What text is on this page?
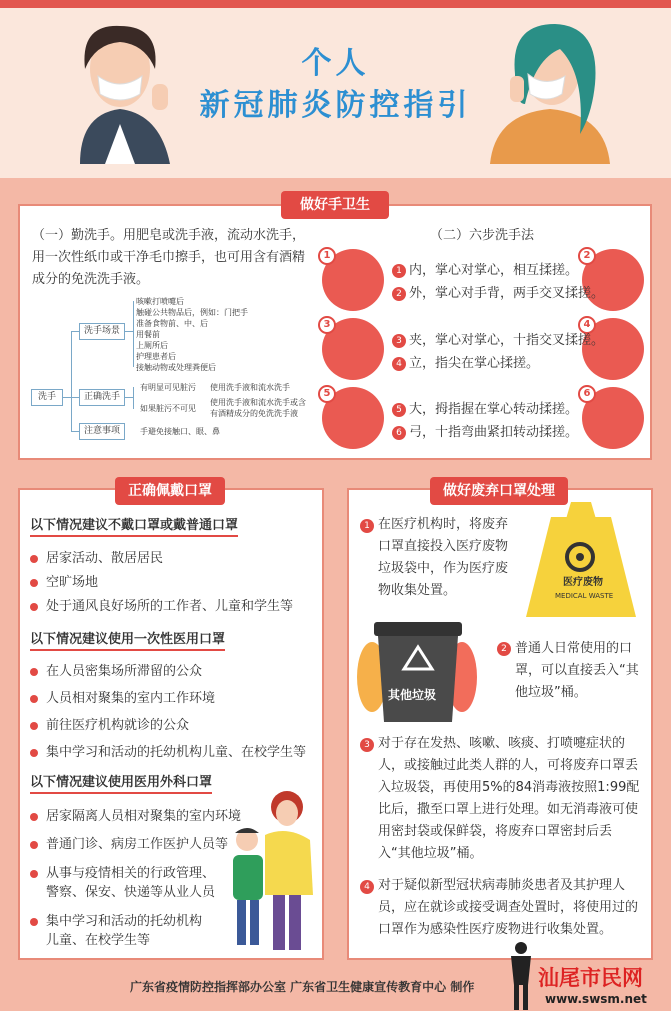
个人
新冠肺炎防控指引
做好手卫生
（一）勤洗手。用肥皂或洗手液，流动水洗手，用一次性纸巾或干净毛巾擦手，也可用含有酒精成分的免洗洗手液。
洗手
洗手场景
咳嗽打喷嚏后
触碰公共物品后，例如：门把手
准备食物前、中、后
用餐前
上厕所后
护理患者后
接触动物或处理粪便后
正确洗手
有明显可见脏污 使用洗手液和流水洗手
如果脏污不可见
使用洗手液和流水洗手或含有酒精成分的免洗洗手液
注意事项	手避免接触口、眼、鼻
（二）六步洗手法
1	2
3	4
5	6
1 内，掌心对掌心，相互揉搓。
2 外，掌心对手背，两手交叉揉搓。
3 夹，掌心对掌心，十指交叉揉搓。
4 立，指尖在掌心揉搓。
5 大，拇指握在掌心转动揉搓。
6 弓，十指弯曲紧扣转动揉搓。
正确佩戴口罩
以下情况建议不戴口罩或戴普通口罩
居家活动、散居居民
空旷场地
处于通风良好场所的工作者、儿童和学生等
以下情况建议使用一次性医用口罩
在人员密集场所滞留的公众
人员相对聚集的室内工作环境
前往医疗机构就诊的公众
集中学习和活动的托幼机构儿童、在校学生等
以下情况建议使用医用外科口罩
居家隔离人员相对聚集的室内环境
普通门诊、病房工作医护人员等
从事与疫情相关的行政管理、
警察、保安、快递等从业人员
集中学习和活动的托幼机构
儿童、在校学生等
做好废弃口罩处理
1 在医疗机构时，将废弃口罩直接投入医疗废物垃圾袋中，作为医疗废物收集处置。
医疗废物
MEDICAL WASTE
其他垃圾
2 普通人日常使用的口罩，可以直接丢入“其他垃圾”桶。
3 对于存在发热、咳嗽、咳痰、打喷嚏症状的人，或接触过此类人群的人，可将废弃口罩丢入垃圾袋，再使用5%的84消毒液按照1:99配比后，撒至口罩上进行处理。如无消毒液可使用密封袋或保鲜袋，将废弃口罩密封后丢入“其他垃圾”桶。
4 对于疑似新型冠状病毒肺炎患者及其护理人员，应在就诊或接受调查处置时，将使用过的口罩作为感染性医疗废物进行收集处置。
广东省疫情防控指挥部办公室 广东省卫生健康宣传教育中心 制作	汕尾市民网
www.swsm.net
